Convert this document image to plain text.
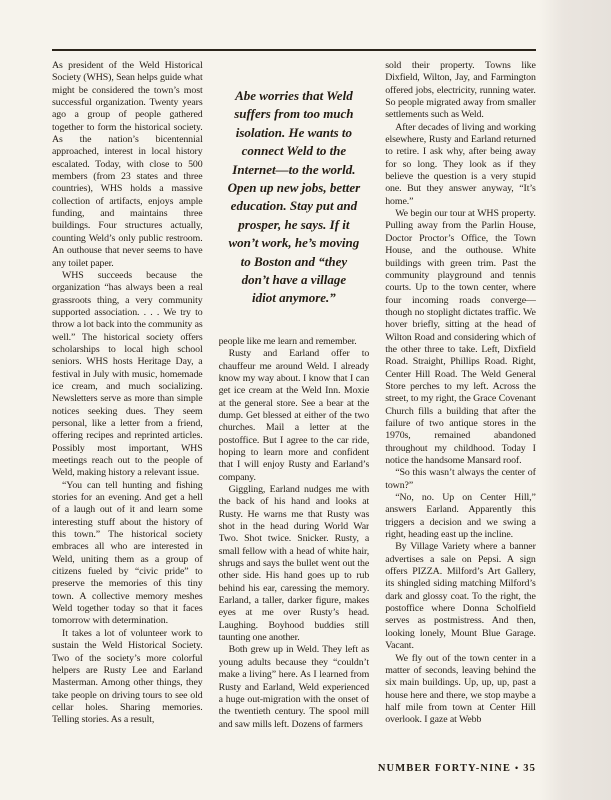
As president of the Weld Historical Society (WHS), Sean helps guide what might be considered the town’s most successful organization. Twenty years ago a group of people gathered together to form the historical society. As the nation’s bicentennial approached, interest in local history escalated. Today, with close to 500 members (from 23 states and three countries), WHS holds a massive collection of artifacts, enjoys ample funding, and maintains three buildings. Four structures actually, counting Weld’s only public restroom. An outhouse that never seems to have any toilet paper.

WHS succeeds because the organization “has always been a real grassroots thing, a very community supported association. . . . We try to throw a lot back into the community as well.” The historical society offers scholarships to local high school seniors. WHS hosts Heritage Day, a festival in July with music, homemade ice cream, and much socializing. Newsletters serve as more than simple notices seeking dues. They seem personal, like a letter from a friend, offering recipes and reprinted articles. Possibly most important, WHS meetings reach out to the people of Weld, making history a relevant issue.

“You can tell hunting and fishing stories for an evening. And get a hell of a laugh out of it and learn some interesting stuff about the history of this town.” The historical society embraces all who are interested in Weld, uniting them as a group of citizens fueled by “civic pride” to preserve the memories of this tiny town. A collective memory meshes Weld together today so that it faces tomorrow with determination.

It takes a lot of volunteer work to sustain the Weld Historical Society. Two of the society’s more colorful helpers are Rusty Lee and Earland Masterman. Among other things, they take people on driving tours to see old cellar holes. Sharing memories. Telling stories. As a result,

Abe worries that Weld
suffers from too much
isolation. He wants to
connect Weld to the
Internet—to the world.
Open up new jobs, better
education. Stay put and
prosper, he says. If it
won’t work, he’s moving
to Boston and “they
don’t have a village
idiot anymore.”

people like me learn and remember.

Rusty and Earland offer to chauffeur me around Weld. I already know my way about. I know that I can get ice cream at the Weld Inn. Moxie at the general store. See a bear at the dump. Get blessed at either of the two churches. Mail a letter at the postoffice. But I agree to the car ride, hoping to learn more and confident that I will enjoy Rusty and Earland’s company.

Giggling, Earland nudges me with the back of his hand and looks at Rusty. He warns me that Rusty was shot in the head during World War Two. Shot twice. Snicker. Rusty, a small fellow with a head of white hair, shrugs and says the bullet went out the other side. His hand goes up to rub behind his ear, caressing the memory. Earland, a taller, darker figure, makes eyes at me over Rusty’s head. Laughing. Boyhood buddies still taunting one another.

Both grew up in Weld. They left as young adults because they “couldn’t make a living” here. As I learned from Rusty and Earland, Weld experienced a huge out-migration with the onset of the twentieth century. The spool mill and saw mills left. Dozens of farmers

sold their property. Towns like Dixfield, Wilton, Jay, and Farmington offered jobs, electricity, running water. So people migrated away from smaller settlements such as Weld.

After decades of living and working elsewhere, Rusty and Earland returned to retire. I ask why, after being away for so long. They look as if they believe the question is a very stupid one. But they answer anyway, “It’s home.”

We begin our tour at WHS property. Pulling away from the Parlin House, Doctor Proctor’s Office, the Town House, and the outhouse. White buildings with green trim. Past the community playground and tennis courts. Up to the town center, where four incoming roads converge—though no stoplight dictates traffic. We hover briefly, sitting at the head of Wilton Road and considering which of the other three to take. Left, Dixfield Road. Straight, Phillips Road. Right, Center Hill Road. The Weld General Store perches to my left. Across the street, to my right, the Grace Covenant Church fills a building that after the failure of two antique stores in the 1970s, remained abandoned throughout my childhood. Today I notice the handsome Mansard roof.

“So this wasn’t always the center of town?”

“No, no. Up on Center Hill,” answers Earland. Apparently this triggers a decision and we swing a right, heading east up the incline.

By Village Variety where a banner advertises a sale on Pepsi. A sign offers PIZZA. Milford’s Art Gallery, its shingled siding matching Milford’s dark and glossy coat. To the right, the postoffice where Donna Scholfield serves as postmistress. And then, looking lonely, Mount Blue Garage. Vacant.

We fly out of the town center in a matter of seconds, leaving behind the six main buildings. Up, up, up, past a house here and there, we stop maybe a half mile from town at Center Hill overlook. I gaze at Webb

NUMBER FORTY-NINE • 35
